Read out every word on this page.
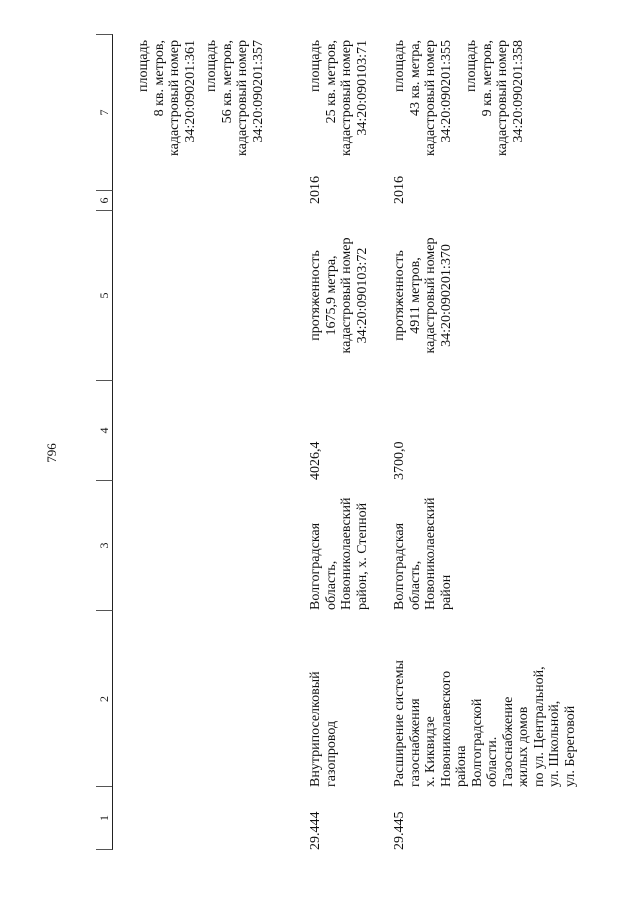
796
1
2
3
4
5
6
7
площадь
8 кв. метров,
кадастровый номер
34:20:090201:361 площадь
56 кв. метров,
кадастровый номер
34:20:090201:357
29.444
Внутрипоселковый
газопровод
Волгоградская
область,
Новониколаевский
район, х. Степной
4026,4
протяженность
1675,9 метра,
кадастровый номер
34:20:090103:72
2016
площадь
25 кв. метров,
кадастровый номер
34:20:090103:71
29.445
Расширение системы
газоснабжения
х. Киквидзе
Новониколаевского
района
Волгоградской
области.
Газоснабжение
жилых домов
по ул. Центральной,
ул. Школьной,
ул. Береговой
Волгоградская
область,
Новониколаевский
район
3700,0
протяженность
4911 метров,
кадастровый номер
34:20:090201:370
2016
площадь
43 кв. метра,
кадастровый номер
34:20:090201:355 площадь
9 кв. метров,
кадастровый номер
34:20:090201:358
